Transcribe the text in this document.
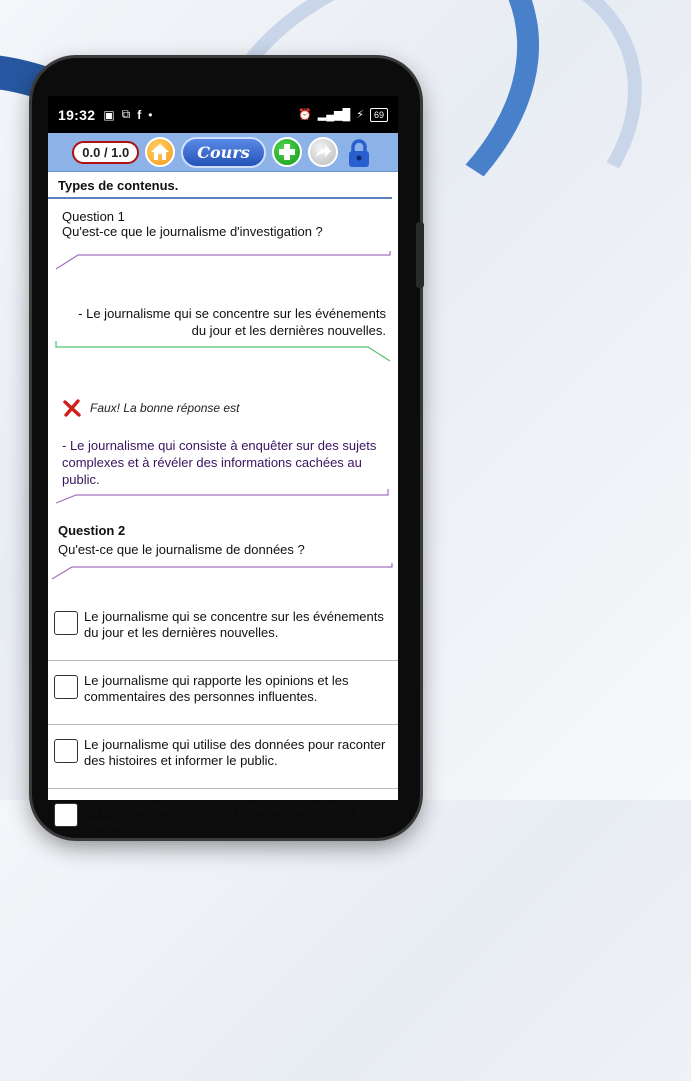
19:32 ▣ ⧉ f •	⏰ ▂▄▆█ ⚡	69
0.0 / 1.0	Cours
Types de contenus.
Question 1
Qu'est-ce que le journalisme d'investigation ?
- Le journalisme qui se concentre sur les événements
du jour et les dernières nouvelles.
Faux! La bonne réponse est
- Le journalisme qui consiste à enquêter sur des sujets complexes et à révéler des informations cachées au public.
Question 2
Qu'est-ce que le journalisme de données ?
Le journalisme qui se concentre sur les événements du jour et les dernières nouvelles.
Le journalisme qui rapporte les opinions et les commentaires des personnes influentes.
Le journalisme qui utilise des données pour raconter des histoires et informer le public.
Le journalisme qui se concentre sur les faits et les chiffres.
